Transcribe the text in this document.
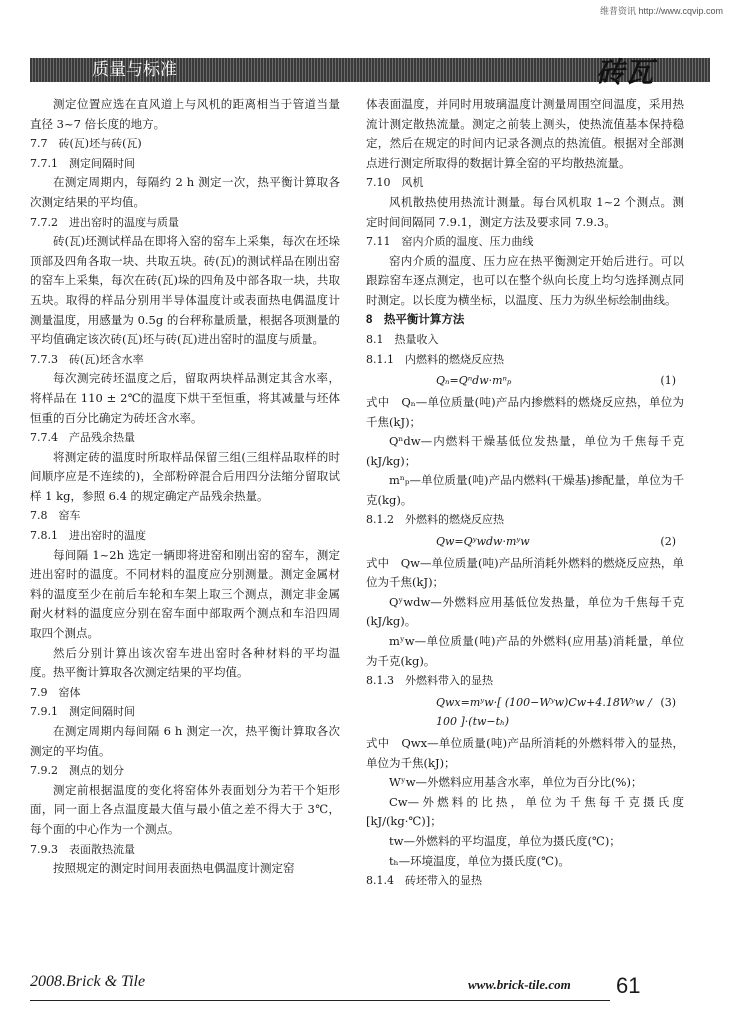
维普资讯 http://www.cqvip.com
质量与标准	砖瓦

测定位置应选在直风道上与风机的距离相当于管道当量直径 3~7 倍长度的地方。

7.7　砖(瓦)坯与砖(瓦)

7.7.1　测定间隔时间

在测定周期内，每隔约 2 h 测定一次，热平衡计算取各次测定结果的平均值。

7.7.2　进出窑时的温度与质量

砖(瓦)坯测试样品在即将入窑的窑车上采集，每次在坯垛顶部及四角各取一块、共取五块。砖(瓦)的测试样品在刚出窑的窑车上采集，每次在砖(瓦)垛的四角及中部各取一块，共取五块。取得的样品分别用半导体温度计或表面热电偶温度计测量温度，用感量为 0.5g 的台秤称量质量，根据各项测量的平均值确定该次砖(瓦)坯与砖(瓦)进出窑时的温度与质量。

7.7.3　砖(瓦)坯含水率

每次测完砖坯温度之后，留取两块样品测定其含水率，将样品在 110 ± 2℃的温度下烘干至恒重，将其减量与坯体恒重的百分比确定为砖坯含水率。

7.7.4　产品残余热量

将测定砖的温度时所取样品保留三组(三组样品取样的时间顺序应是不连续的)，全部粉碎混合后用四分法缩分留取试样 1 kg，参照 6.4 的规定确定产品残余热量。

7.8　窑车

7.8.1　进出窑时的温度

每间隔 1~2h 选定一辆即将进窑和刚出窑的窑车，测定进出窑时的温度。不同材料的温度应分别测量。测定金属材料的温度至少在前后车轮和车架上取三个测点，测定非金属耐火材料的温度应分别在窑车面中部取两个测点和车沿四周取四个测点。

然后分别计算出该次窑车进出窑时各种材料的平均温度。热平衡计算取各次测定结果的平均值。

7.9　窑体

7.9.1　测定间隔时间

在测定周期内每间隔 6 h 测定一次，热平衡计算取各次测定的平均值。

7.9.2　测点的划分

测定前根据温度的变化将窑体外表面划分为若干个矩形面，同一面上各点温度最大值与最小值之差不得大于 3℃，每个面的中心作为一个测点。

7.9.3　表面散热流量

按照规定的测定时间用表面热电偶温度计测定窑

体表面温度，并同时用玻璃温度计测量周围空间温度，采用热流计测定散热流量。测定之前装上测头，使热流值基本保持稳定，然后在规定的时间内记录各测点的热流值。根据对全部测点进行测定所取得的数据计算全窑的平均散热流量。

7.10　风机

风机散热使用热流计测量。每台风机取 1~2 个测点。测定时间间隔同 7.9.1，测定方法及要求同 7.9.3。

7.11　窑内介质的温度、压力曲线

窑内介质的温度、压力应在热平衡测定开始后进行。可以跟踪窑车逐点测定，也可以在整个纵向长度上均匀选择测点同时测定。以长度为横坐标，以温度、压力为纵坐标绘制曲线。

8　热平衡计算方法

8.1　热量收入

8.1.1　内燃料的燃烧反应热

Qₙ=Qⁿdw·mⁿₚ	(1)

式中　Qₙ—单位质量(吨)产品内掺燃料的燃烧反应热，单位为千焦(kJ)；

Qⁿdw—内燃料干燥基低位发热量，单位为千焦每千克(kJ/kg)；

mⁿₚ—单位质量(吨)产品内燃料(干燥基)掺配量，单位为千克(kg)。

8.1.2　外燃料的燃烧反应热

Qw=Qʸwdw·mʸw	(2)

式中　Qw—单位质量(吨)产品所消耗外燃料的燃烧反应热，单位为千焦(kJ)；

Qʸwdw—外燃料应用基低位发热量，单位为千焦每千克(kJ/kg)。

mʸw—单位质量(吨)产品的外燃料(应用基)消耗量，单位为千克(kg)。

8.1.3　外燃料带入的显热

Qwx=mʸw·[ (100−Wʸw)Cw+4.18Wʸw / 100 ]·(tw−tₕ)
(3)

式中　Qwx—单位质量(吨)产品所消耗的外燃料带入的显热，单位为千焦(kJ)；

Wʸw—外燃料应用基含水率，单位为百分比(%)；

Cw—外燃料的比热，单位为千焦每千克摄氏度[kJ/(kg·℃)]；

tw—外燃料的平均温度，单位为摄氏度(℃)；

tₕ—环境温度，单位为摄氏度(℃)。

8.1.4　砖坯带入的显热

2008.Brick & Tile	www.brick-tile.com 61
